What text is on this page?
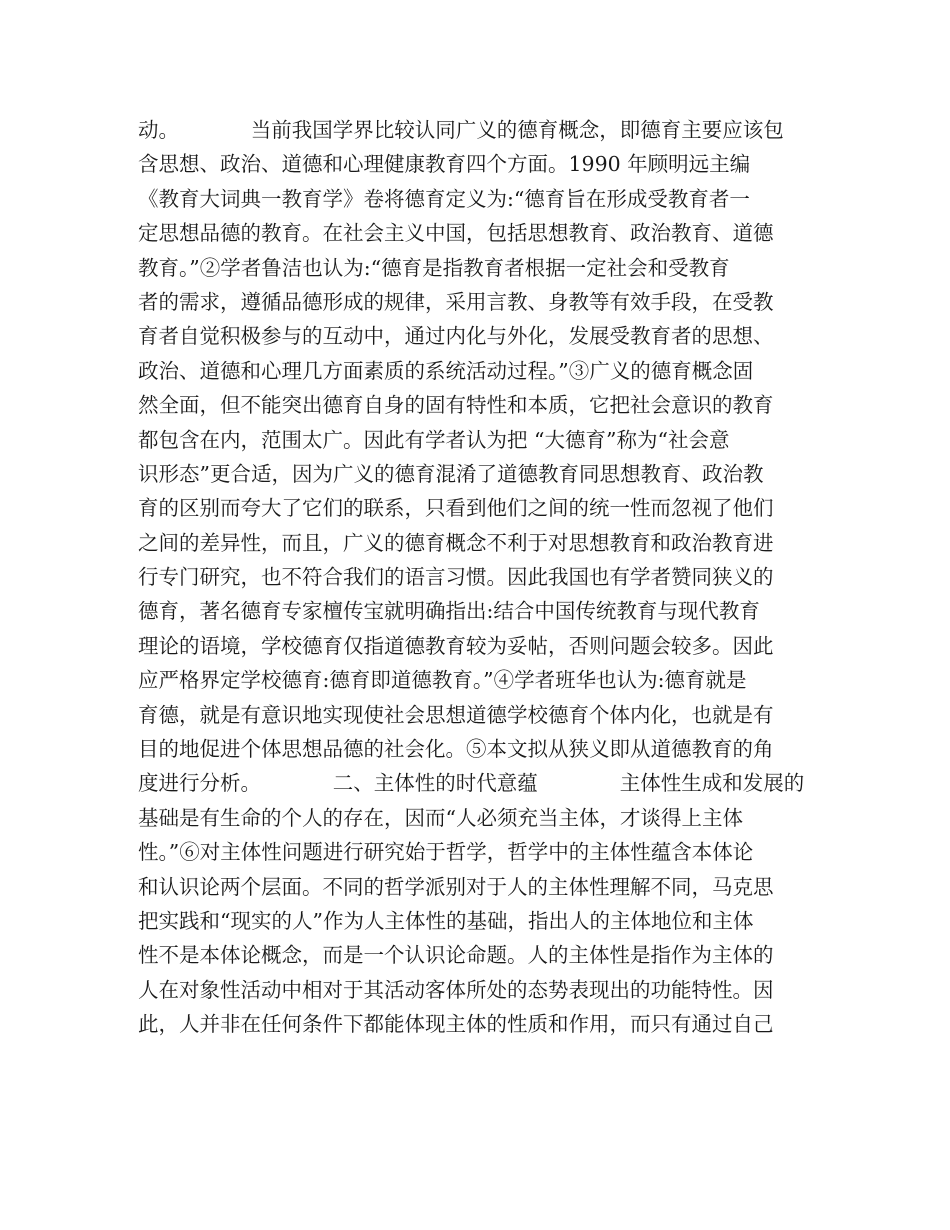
动。　　　　当前我国学界比较认同广义的德育概念，即德育主要应该包
含思想、政治、道德和心理健康教育四个方面。1990 年顾明远主编
《教育大词典一教育学》卷将德育定义为:“德育旨在形成受教育者一
定思想品德的教育。在社会主义中国，包括思想教育、政治教育、道德
教育。”②学者鲁洁也认为:“德育是指教育者根据一定社会和受教育
者的需求，遵循品德形成的规律，采用言教、身教等有效手段，在受教
育者自觉积极参与的互动中，通过内化与外化，发展受教育者的思想、
政治、道德和心理几方面素质的系统活动过程。”③广义的德育概念固
然全面，但不能突出德育自身的固有特性和本质，它把社会意识的教育
都包含在内，范围太广。因此有学者认为把 “大德育”称为“社会意
识形态”更合适，因为广义的德育混淆了道德教育同思想教育、政治教
育的区别而夸大了它们的联系，只看到他们之间的统一性而忽视了他们
之间的差异性，而且，广义的德育概念不利于对思想教育和政治教育进
行专门研究，也不符合我们的语言习惯。因此我国也有学者赞同狭义的
德育，著名德育专家檀传宝就明确指出:结合中国传统教育与现代教育
理论的语境，学校德育仅指道德教育较为妥帖，否则问题会较多。因此
应严格界定学校德育:德育即道德教育。”④学者班华也认为:德育就是
育德，就是有意识地实现使社会思想道德学校德育个体内化，也就是有
目的地促进个体思想品德的社会化。⑤本文拟从狭义即从道德教育的角
度进行分析。　　　　二、主体性的时代意蕴　　　　主体性生成和发展的
基础是有生命的个人的存在，因而“人必须充当主体，才谈得上主体
性。”⑥对主体性问题进行研究始于哲学，哲学中的主体性蕴含本体论
和认识论两个层面。不同的哲学派别对于人的主体性理解不同，马克思
把实践和“现实的人”作为人主体性的基础，指出人的主体地位和主体
性不是本体论概念，而是一个认识论命题。人的主体性是指作为主体的
人在对象性活动中相对于其活动客体所处的态势表现出的功能特性。因
此，人并非在任何条件下都能体现主体的性质和作用，而只有通过自己
